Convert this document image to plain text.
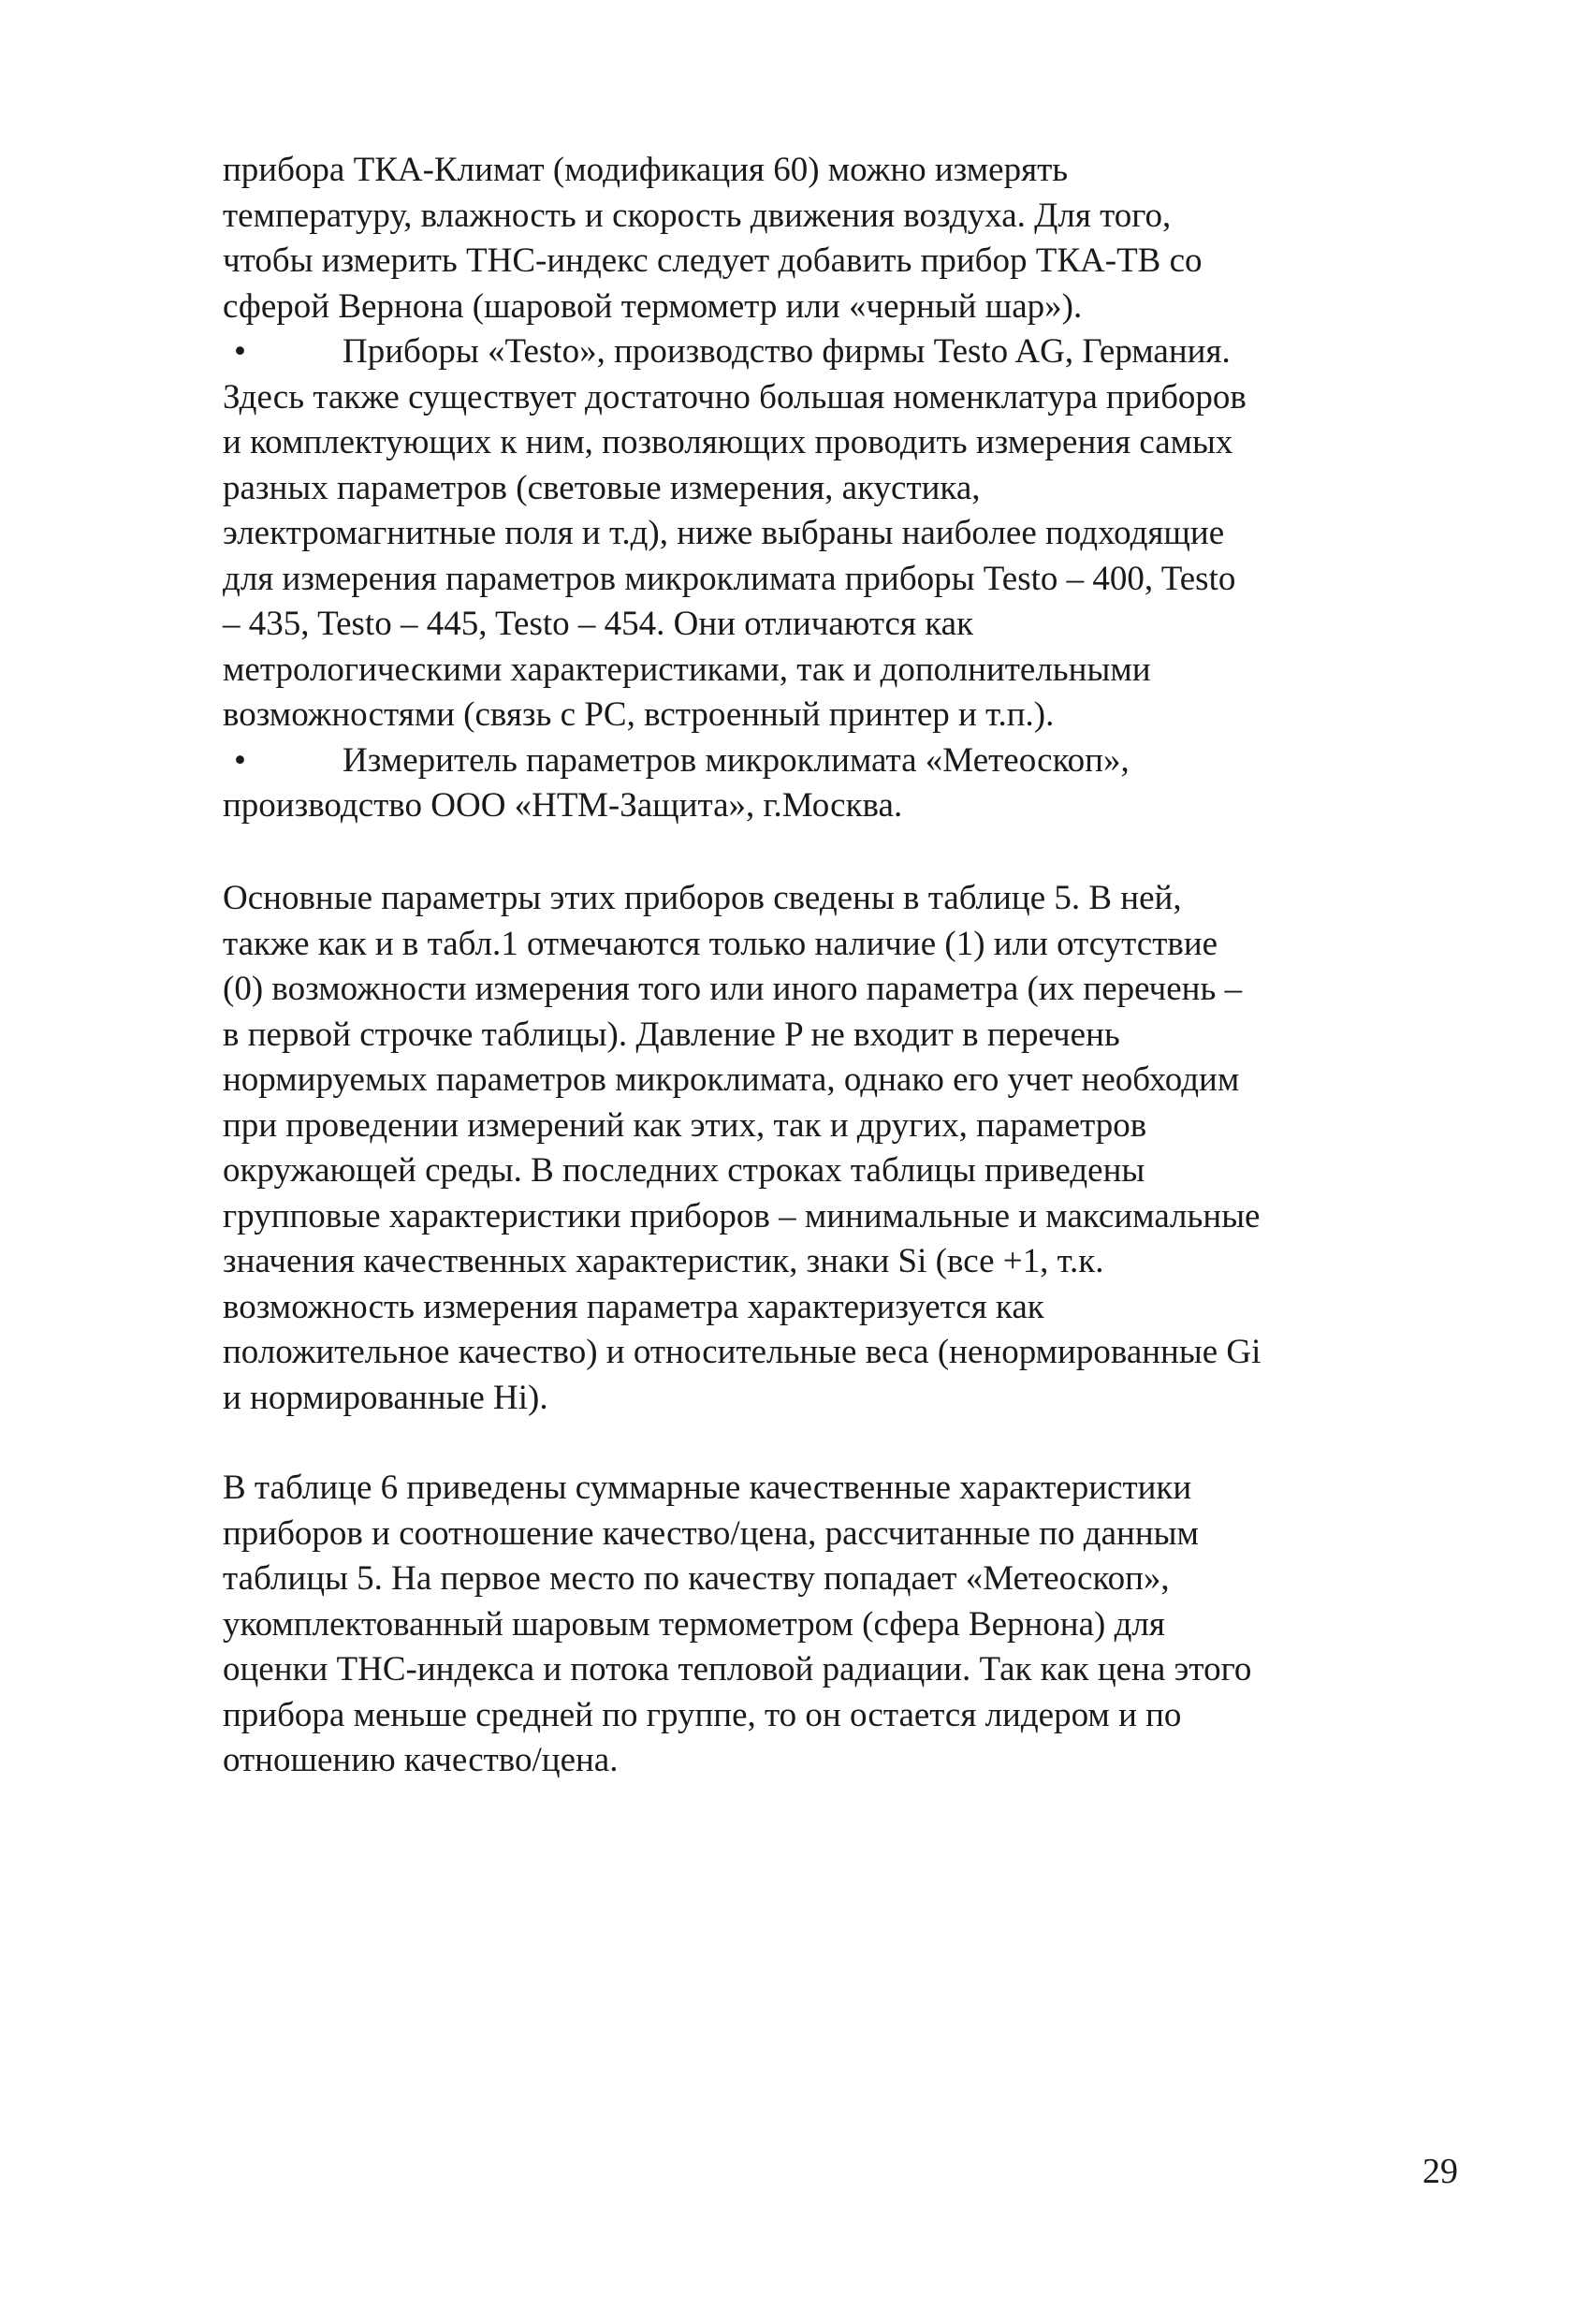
прибора ТКА-Климат (модификация 60) можно измерять
температуру, влажность и скорость движения воздуха. Для того,
чтобы измерить ТНС-индекс следует добавить прибор ТКА-ТВ со
сферой Вернона (шаровой термометр или «черный шар»).
•	Приборы «Testo», производство фирмы Testo AG, Германия.
Здесь также существует достаточно большая номенклатура приборов
и комплектующих к ним, позволяющих проводить измерения самых
разных параметров (световые измерения, акустика,
электромагнитные поля и т.д), ниже выбраны наиболее подходящие
для измерения параметров микроклимата приборы Testo – 400, Testo
– 435, Testo – 445, Testo – 454. Они отличаются как
метрологическими характеристиками, так и дополнительными
возможностями (связь с PC, встроенный принтер и т.п.).
•	Измеритель параметров микроклимата «Метеоскоп»,
производство ООО «НТМ-Защита», г.Москва.
Основные параметры этих приборов сведены в таблице 5. В ней,
также как и в табл.1 отмечаются только наличие (1) или отсутствие
(0) возможности измерения того или иного параметра (их перечень –
в первой строчке таблицы). Давление P не входит в перечень
нормируемых параметров микроклимата, однако его учет необходим
при проведении измерений как этих, так и других, параметров
окружающей среды. В последних строках таблицы приведены
групповые характеристики приборов – минимальные и максимальные
значения качественных характеристик, знаки Si (все +1, т.к.
возможность измерения параметра характеризуется как
положительное качество) и относительные веса (ненормированные Gi
и нормированные Hi).
В таблице 6 приведены суммарные качественные характеристики
приборов и соотношение качество/цена, рассчитанные по данным
таблицы 5. На первое место по качеству попадает «Метеоскоп»,
укомплектованный шаровым термометром (сфера Вернона) для
оценки ТНС-индекса и потока тепловой радиации. Так как цена этого
прибора меньше средней по группе, то он остается лидером и по
отношению качество/цена.
29
